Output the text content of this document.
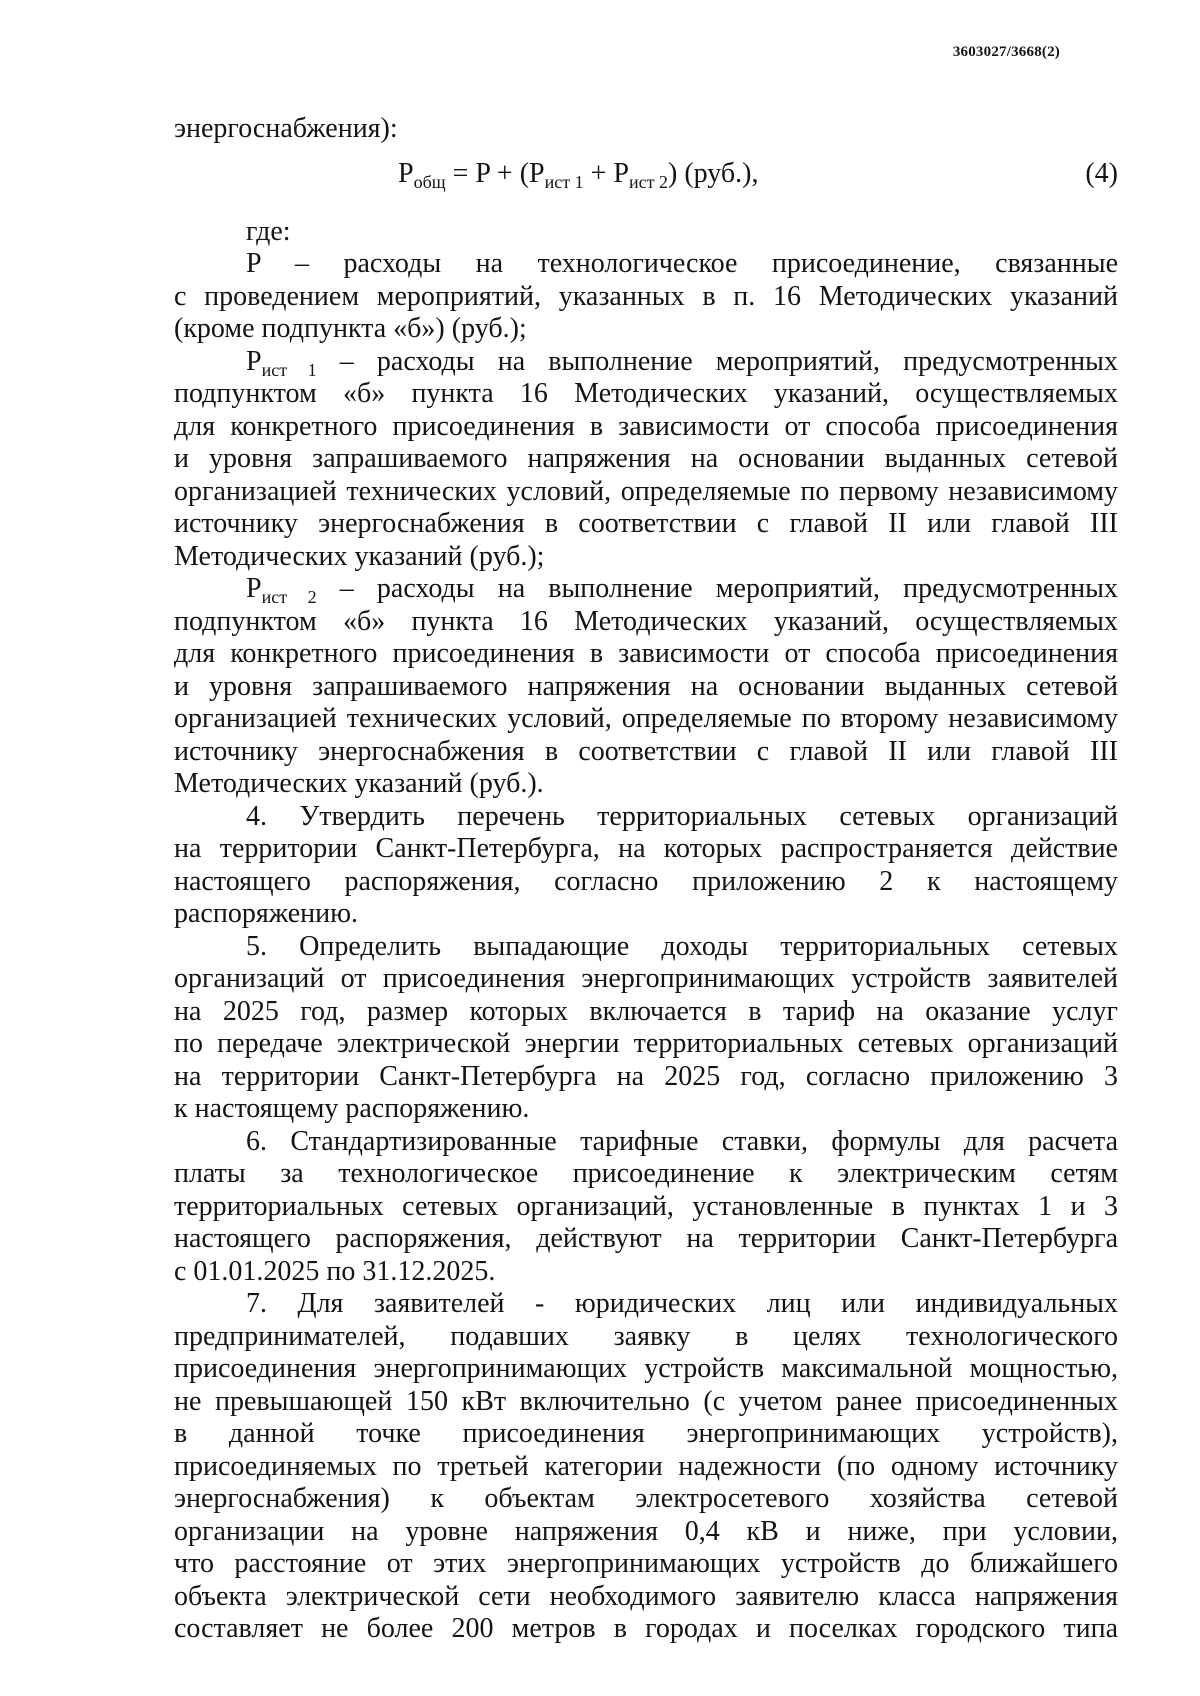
3603027/3668(2)

энергоснабжения):

$P_{общ} = P + (P_{ист 1} + P_{ист 2})$ (руб.),	(4)

где:

P – расходы на технологическое присоединение, связанные

с проведением мероприятий, указанных в п. 16 Методических указаний

(кроме подпункта «б») (руб.);

$P_{ист 1}$ – расходы на выполнение мероприятий, предусмотренных

подпунктом «б» пункта 16 Методических указаний, осуществляемых

для конкретного присоединения в зависимости от способа присоединения

и уровня запрашиваемого напряжения на основании выданных сетевой

организацией технических условий, определяемые по первому независимому

источнику энергоснабжения в соответствии с главой II или главой III

Методических указаний (руб.);

$P_{ист 2}$ – расходы на выполнение мероприятий, предусмотренных

подпунктом «б» пункта 16 Методических указаний, осуществляемых

для конкретного присоединения в зависимости от способа присоединения

и уровня запрашиваемого напряжения на основании выданных сетевой

организацией технических условий, определяемые по второму независимому

источнику энергоснабжения в соответствии с главой II или главой III

Методических указаний (руб.).

4. Утвердить перечень территориальных сетевых организаций

на территории Санкт-Петербурга, на которых распространяется действие

настоящего распоряжения, согласно приложению 2 к настоящему

распоряжению.

5. Определить выпадающие доходы территориальных сетевых

организаций от присоединения энергопринимающих устройств заявителей

на 2025 год, размер которых включается в тариф на оказание услуг

по передаче электрической энергии территориальных сетевых организаций

на территории Санкт-Петербурга на 2025 год, согласно приложению 3

к настоящему распоряжению.

6. Стандартизированные тарифные ставки, формулы для расчета

платы за технологическое присоединение к электрическим сетям

территориальных сетевых организаций, установленные в пунктах 1 и 3

настоящего распоряжения, действуют на территории Санкт-Петербурга

с 01.01.2025 по 31.12.2025.

7. Для заявителей - юридических лиц или индивидуальных

предпринимателей, подавших заявку в целях технологического

присоединения энергопринимающих устройств максимальной мощностью,

не превышающей 150 кВт включительно (с учетом ранее присоединенных

в данной точке присоединения энергопринимающих устройств),

присоединяемых по третьей категории надежности (по одному источнику

энергоснабжения) к объектам электросетевого хозяйства сетевой

организации на уровне напряжения 0,4 кВ и ниже, при условии,

что расстояние от этих энергопринимающих устройств до ближайшего

объекта электрической сети необходимого заявителю класса напряжения

составляет не более 200 метров в городах и поселках городского типа
